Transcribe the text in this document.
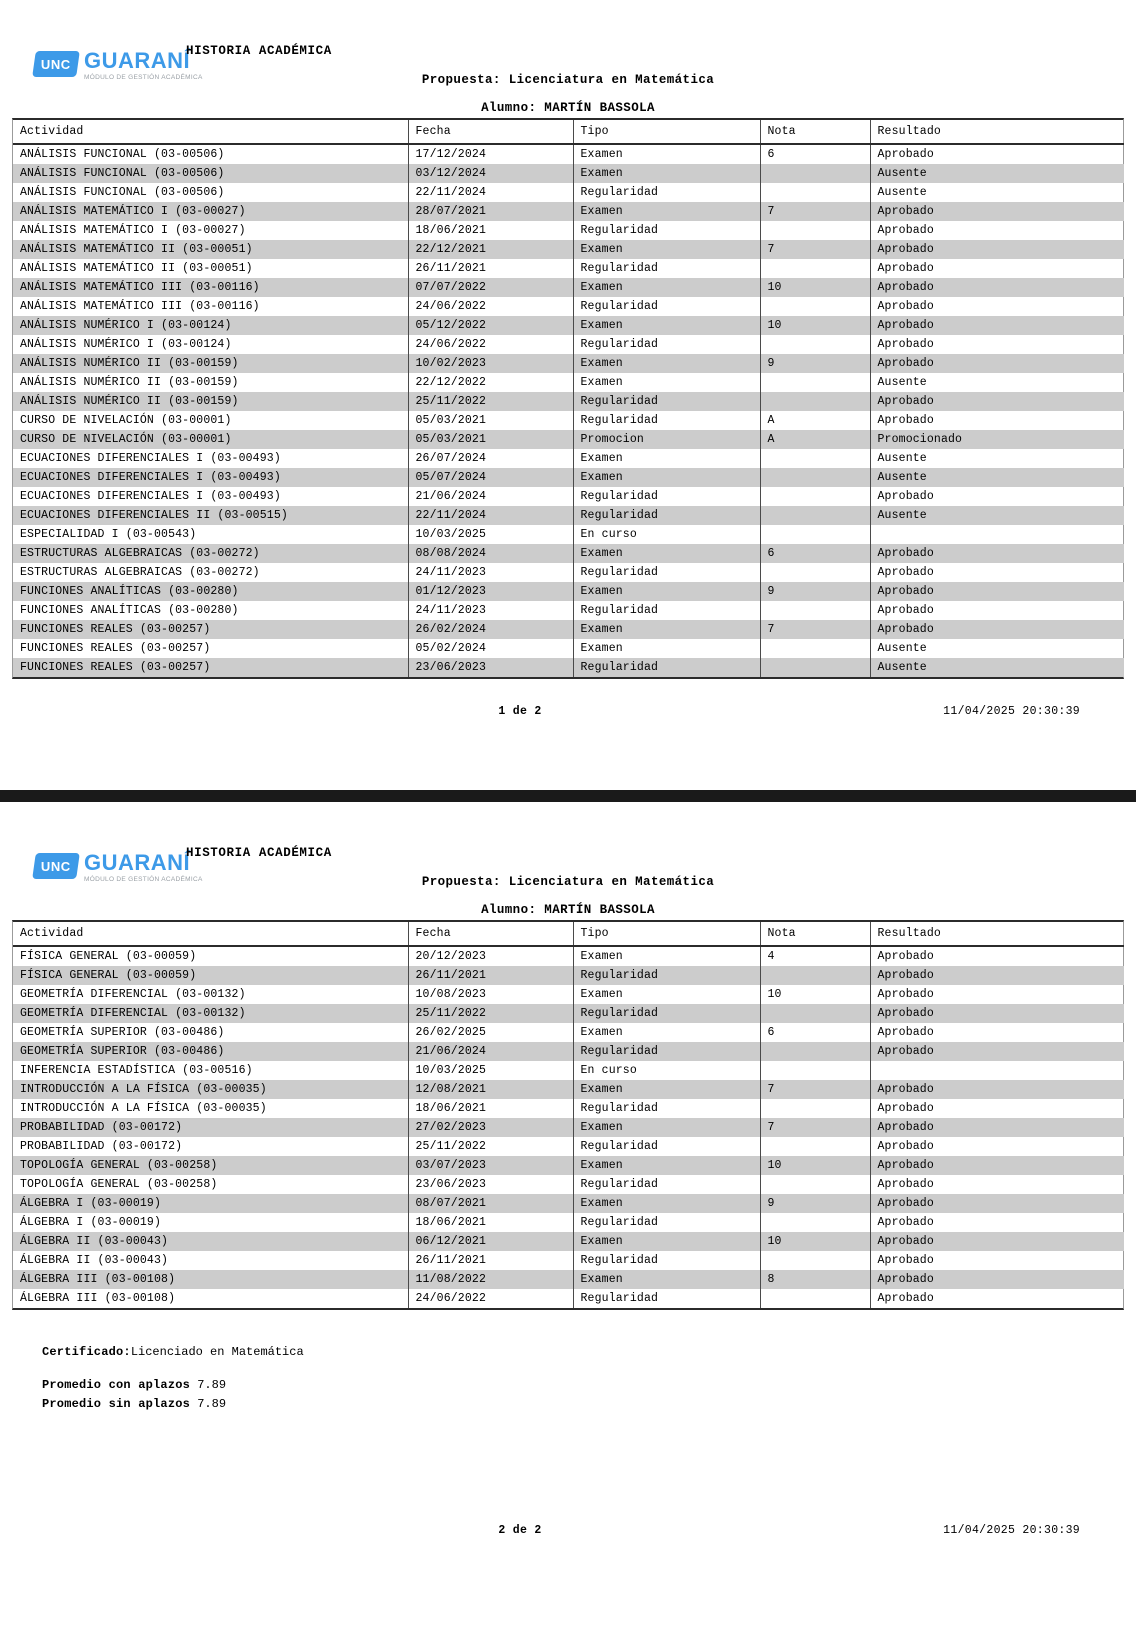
UNC GUARANÍ
MÓDULO DE GESTIÓN ACADÉMICA
HISTORIA ACADÉMICA
Propuesta: Licenciatura en Matemática
Alumno: MARTÍN BASSOLA
Actividad	Fecha	Tipo	Nota	Resultado
ANÁLISIS FUNCIONAL (03-00506)	17/12/2024	Examen	6	Aprobado
ANÁLISIS FUNCIONAL (03-00506)	03/12/2024	Examen		Ausente
ANÁLISIS FUNCIONAL (03-00506)	22/11/2024	Regularidad		Ausente
ANÁLISIS MATEMÁTICO I (03-00027)	28/07/2021	Examen	7	Aprobado
ANÁLISIS MATEMÁTICO I (03-00027)	18/06/2021	Regularidad		Aprobado
ANÁLISIS MATEMÁTICO II (03-00051)	22/12/2021	Examen	7	Aprobado
ANÁLISIS MATEMÁTICO II (03-00051)	26/11/2021	Regularidad		Aprobado
ANÁLISIS MATEMÁTICO III (03-00116)	07/07/2022	Examen	10	Aprobado
ANÁLISIS MATEMÁTICO III (03-00116)	24/06/2022	Regularidad		Aprobado
ANÁLISIS NUMÉRICO I (03-00124)	05/12/2022	Examen	10	Aprobado
ANÁLISIS NUMÉRICO I (03-00124)	24/06/2022	Regularidad		Aprobado
ANÁLISIS NUMÉRICO II (03-00159)	10/02/2023	Examen	9	Aprobado
ANÁLISIS NUMÉRICO II (03-00159)	22/12/2022	Examen		Ausente
ANÁLISIS NUMÉRICO II (03-00159)	25/11/2022	Regularidad		Aprobado
CURSO DE NIVELACIÓN (03-00001)	05/03/2021	Regularidad	A	Aprobado
CURSO DE NIVELACIÓN (03-00001)	05/03/2021	Promocion	A	Promocionado
ECUACIONES DIFERENCIALES I (03-00493)	26/07/2024	Examen		Ausente
ECUACIONES DIFERENCIALES I (03-00493)	05/07/2024	Examen		Ausente
ECUACIONES DIFERENCIALES I (03-00493)	21/06/2024	Regularidad		Aprobado
ECUACIONES DIFERENCIALES II (03-00515)	22/11/2024	Regularidad		Ausente
ESPECIALIDAD I (03-00543)	10/03/2025	En curso		
ESTRUCTURAS ALGEBRAICAS (03-00272)	08/08/2024	Examen	6	Aprobado
ESTRUCTURAS ALGEBRAICAS (03-00272)	24/11/2023	Regularidad		Aprobado
FUNCIONES ANALÍTICAS (03-00280)	01/12/2023	Examen	9	Aprobado
FUNCIONES ANALÍTICAS (03-00280)	24/11/2023	Regularidad		Aprobado
FUNCIONES REALES (03-00257)	26/02/2024	Examen	7	Aprobado
FUNCIONES REALES (03-00257)	05/02/2024	Examen		Ausente
FUNCIONES REALES (03-00257)	23/06/2023	Regularidad		Ausente
1 de 2	11/04/2025 20:30:39
UNC GUARANÍ
MÓDULO DE GESTIÓN ACADÉMICA
HISTORIA ACADÉMICA
Propuesta: Licenciatura en Matemática
Alumno: MARTÍN BASSOLA
Actividad	Fecha	Tipo	Nota	Resultado
FÍSICA GENERAL (03-00059)	20/12/2023	Examen	4	Aprobado
FÍSICA GENERAL (03-00059)	26/11/2021	Regularidad		Aprobado
GEOMETRÍA DIFERENCIAL (03-00132)	10/08/2023	Examen	10	Aprobado
GEOMETRÍA DIFERENCIAL (03-00132)	25/11/2022	Regularidad		Aprobado
GEOMETRÍA SUPERIOR (03-00486)	26/02/2025	Examen	6	Aprobado
GEOMETRÍA SUPERIOR (03-00486)	21/06/2024	Regularidad		Aprobado
INFERENCIA ESTADÍSTICA (03-00516)	10/03/2025	En curso		
INTRODUCCIÓN A LA FÍSICA (03-00035)	12/08/2021	Examen	7	Aprobado
INTRODUCCIÓN A LA FÍSICA (03-00035)	18/06/2021	Regularidad		Aprobado
PROBABILIDAD (03-00172)	27/02/2023	Examen	7	Aprobado
PROBABILIDAD (03-00172)	25/11/2022	Regularidad		Aprobado
TOPOLOGÍA GENERAL (03-00258)	03/07/2023	Examen	10	Aprobado
TOPOLOGÍA GENERAL (03-00258)	23/06/2023	Regularidad		Aprobado
ÁLGEBRA I (03-00019)	08/07/2021	Examen	9	Aprobado
ÁLGEBRA I (03-00019)	18/06/2021	Regularidad		Aprobado
ÁLGEBRA II (03-00043)	06/12/2021	Examen	10	Aprobado
ÁLGEBRA II (03-00043)	26/11/2021	Regularidad		Aprobado
ÁLGEBRA III (03-00108)	11/08/2022	Examen	8	Aprobado
ÁLGEBRA III (03-00108)	24/06/2022	Regularidad		Aprobado
Certificado:Licenciado en Matemática
Promedio con aplazos 7.89
Promedio sin aplazos 7.89
2 de 2	11/04/2025 20:30:39
